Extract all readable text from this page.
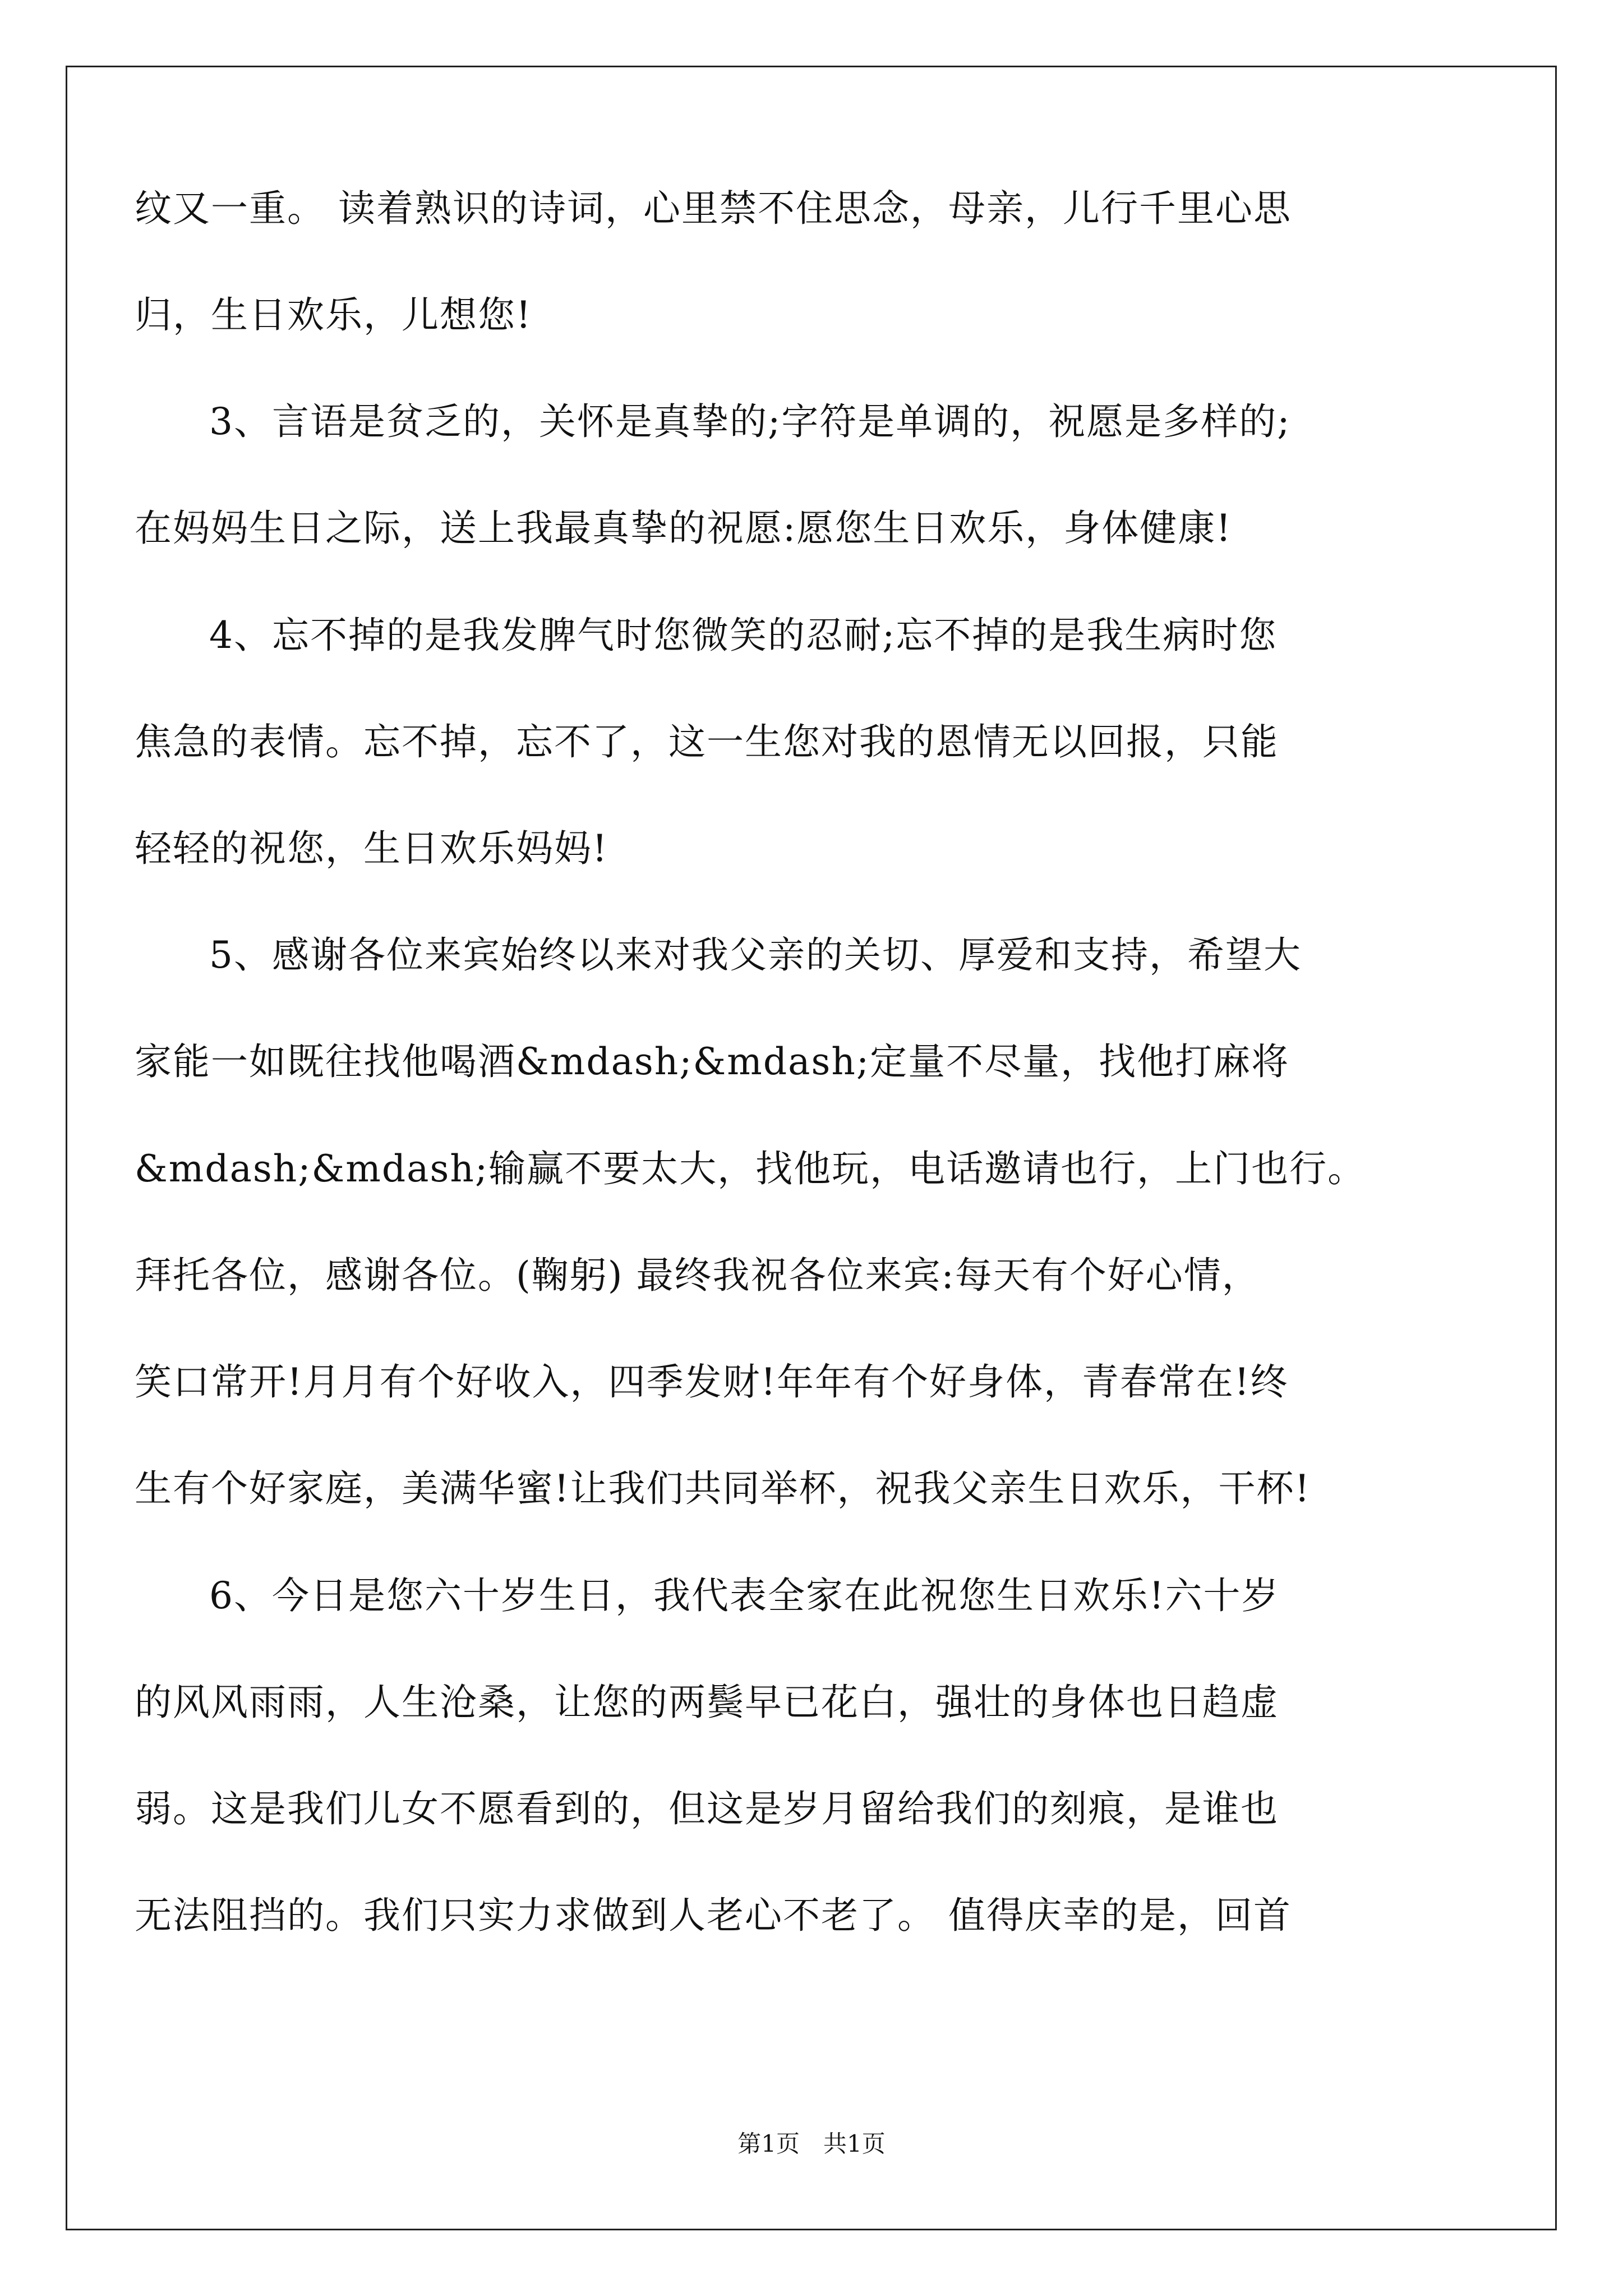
纹又一重。 读着熟识的诗词，心里禁不住思念，母亲，儿行千里心思
归，生日欢乐，儿想您!
3、言语是贫乏的，关怀是真挚的;字符是单调的，祝愿是多样的;
在妈妈生日之际，送上我最真挚的祝愿:愿您生日欢乐，身体健康!
4、忘不掉的是我发脾气时您微笑的忍耐;忘不掉的是我生病时您
焦急的表情。忘不掉，忘不了，这一生您对我的恩情无以回报，只能
轻轻的祝您，生日欢乐妈妈!
5、感谢各位来宾始终以来对我父亲的关切、厚爱和支持，希望大
家能一如既往找他喝酒&mdash;&mdash;定量不尽量，找他打麻将
&mdash;&mdash;输赢不要太大，找他玩，电话邀请也行，上门也行。
拜托各位，感谢各位。(鞠躬) 最终我祝各位来宾:每天有个好心情，
笑口常开!月月有个好收入，四季发财!年年有个好身体，青春常在!终
生有个好家庭，美满华蜜!让我们共同举杯，祝我父亲生日欢乐，干杯!
6、今日是您六十岁生日，我代表全家在此祝您生日欢乐!六十岁
的风风雨雨，人生沧桑，让您的两鬓早已花白，强壮的身体也日趋虚
弱。这是我们儿女不愿看到的，但这是岁月留给我们的刻痕，是谁也
无法阻挡的。我们只实力求做到人老心不老了。 值得庆幸的是，回首
第1页　共1页
